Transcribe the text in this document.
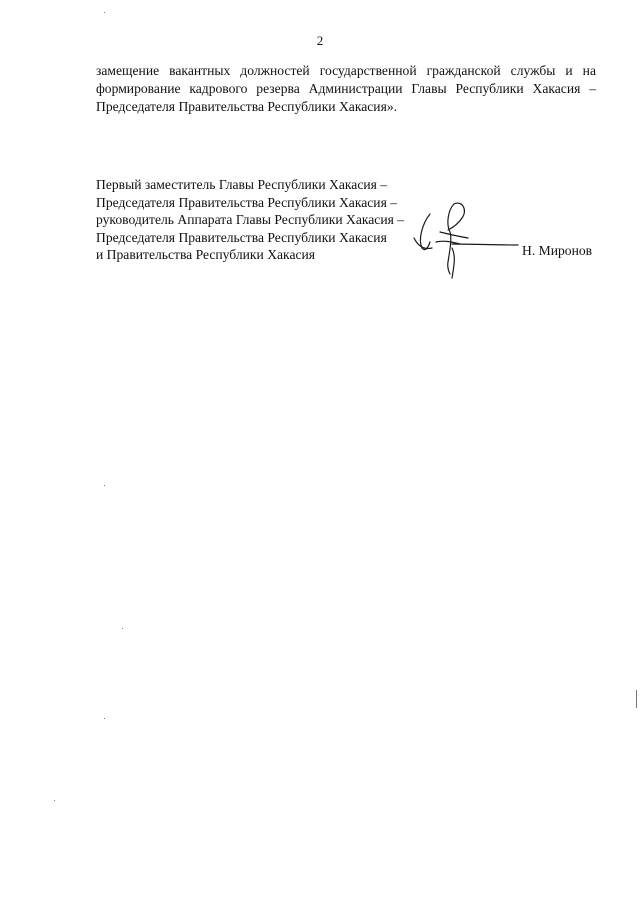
2
замещение вакантных должностей государственной гражданской службы и на
формирование кадрового резерва Администрации Главы Республики Хакасия –
Председателя Правительства Республики Хакасия».
Первый заместитель Главы Республики Хакасия –
Председателя Правительства Республики Хакасия –
руководитель Аппарата Главы Республики Хакасия –
Председателя Правительства Республики Хакасия
и Правительства Республики Хакасия	Н. Миронов
